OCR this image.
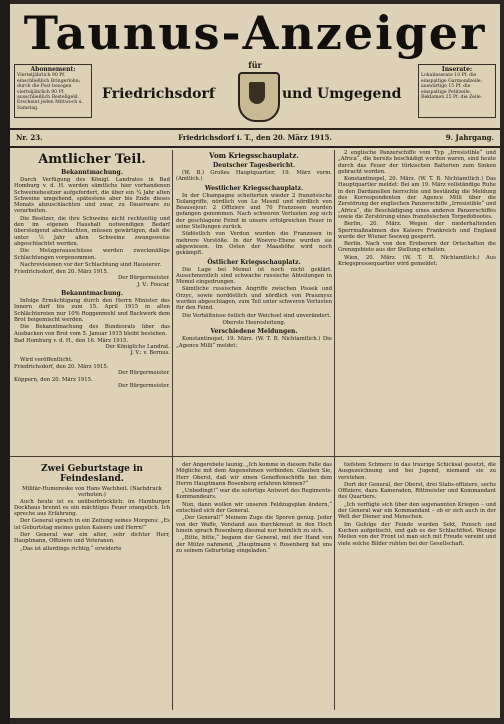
Taunus-Anzeiger
Abonnement:
Vierteljährlich 90 Pf. einschließlich Bringerlohn; durch die Post bezogen vierteljährlich 90 Pf. ausschließlich Bestellgeld. Erscheint jeden Mittwoch u. Samstag.
für
Friedrichsdorf	und Umgegend
Inserate:
Lokalinserate 10 Pf. die einspaltige Garmondzeile; auswärtige 15 Pf. die einspaltige Petitzeile. Reklamen 25 Pf. die Zeile.
Nr. 23.	Friedrichsdorf i. T., den 20. März 1915.	9. Jahrgang.
Amtlicher Teil.
Bekanntmachung.

Durch Verfügung des Königl. Landrates in Bad Homburg v. d. H. werden sämtliche hier vorhandenen Schweinebesitzer aufgefordert, die über ein ¼ Jahr alten Schweine umgehend, spätestens aber bis Ende dieses Monats abzuschlachten und zwar, zu Dauerware zu verarbeiten.

Die Besitzer, die ihre Schweine nicht rechtzeitig und den im eigenen Haushalt notwendigen Bedarf übersteigend abschlachten, müssen gewärtigen, daß die unter ½ Jahr alten Schweine zwangsweise abgeschlachtet werden.

Die Metzgerausschüsse werden zweckmäßige Schlachtungen vorgenommen.

Nachrevisionen vor der Schlachtung sind Hausierer.

Friedrichsdorf, den 20. März 1915.
Der Bürgermeister.
J. V.: Foucar.
Bekanntmachung.

Infolge Ermächtigung durch den Herrn Minister des Innern darf bis zum 15. April 1915 in allen Schlächtereien nur 10% Roggenmehl und Backwerk dem Brot beigemischt werden.

Die Bekanntmachung des Bundesrats über das Ausbacken von Brot vom 5. Januar 1915 bleibt bestehen.

Bad Homburg v. d. H., den 16. März 1915.
Der Königliche Landrat.
J. V.: v. Bernus.

Wird veröffentlicht.

Friedrichsdorf, den 20. März 1915.
Der Bürgermeister.
Köppern, den 20. März 1915.
Der Bürgermeister.
Vom Kriegsschauplatz.
Deutscher Tagesbericht.

(W. B.) Großes Hauptquartier, 19. März vorm. (Amtlich.)

Westlicher Kriegsschauplatz.

In der Champagne scheiterten wieder 2 französische Teilangriffe, nördlich von Le Mesnil und nördlich von Beauséjour. 2 Offiziere und 70 Franzosen wurden gefangen genommen. Nach schweren Verlusten zog sich der geschlagene Feind in unsere erfolgreichen Feuer in seine Stellungen zurück.

Südöstlich von Verdun wurden die Franzosen in mehrere Vorstöße. In der Woevre-Ebene wurden sie abgewiesen. Im Osten der Maashöhe wird noch gekämpft.

Östlicher Kriegsschauplatz.

Die Lage bei Memel ist noch nicht geklärt. Ausschmerzlich sind schwache russische Abteilungen in Memel eingedrungen.

Sämtliche russischen Angriffe zwischen Pissek und Orzyc, sowie nordöstlich und nördlich von Prasznysz wurden abgeschlagen, zum Teil unter schweren Verlusten für den Feind.

Die Verhältnisse östlich der Weichsel sind unverändert.

Oberste Heeresleitung.
Verschiedene Meldungen.

Konstantinopel, 19. März. (W. T. B. Nichtamtlich.) Die „Agence Milli“ meldet:

2 englische Panzerschiffe vom Typ „Irresistible“ und „Africa“, die bereits beschädigt worden waren, sind heute durch das Feuer der türkischen Batterien zum Sinken gebracht worden.

Konstantinopel, 20. März. (W. T. B. Nichtamtlich.) Das Hauptquartier meldet: Bei am 19. März vollständige Ruhe in den Dardanellen herrschte und beständig die Meldung des Korrespondenten der Agence Milli über die Zerstörung der englischen Panzerschiffe „Irresistible“ und „Africa“, die Beschädigung eines anderen Panzerschiffes sowie die Zerstörung eines französischen Torpedobootes.

Berlin, 20. März. Wegen der niederhaltenden Sperrmaßnahmen des Kaisers Frankreich und England wurde der Wiener Seeweg gesperrt.

Berlin. Nach von den Eroberern der Ortschaften die Grenzgebiete aus der Stellung erhalten.

Wien, 20. März. (W. T. B. Nichtamtlich.) Aus Kriegspressequartier wird gemeldet:

Zwei Geburtstage in Feindesland.
Militär-Humoreske von Hans Wachheit. (Nachdruck verboten.)

Auch heute ist es unüberbrücklich: im Hamburger Dockhaus brennt es ein mächtiges Feuer orangelich. Ich spreche aus Erfahrung.

Der General sprach in ein Zeitung seines Morgens: „Es ist Geburtstag meines guten Kaisers und Herrn!“

Der General war ein alter, sehr dichter Herr, Hauptmann, Offiziere und Veteranen.

„Das ist allerdings richtig,“ erwiderte

der Angerebete launig. „Ich komme in diesem Falle das Mögliche mit dem Angenehmen verbinden. Glauben Sie, Herr Oberst, daß wir einen Geneffenschöffe bei dem Herrn Hauptmann Rosenberg erfahren können?“

„Unbedingt!“ war die sofortige Antwort des Regiments-Kommandeurs.

Nun, dann wollen wir unseren Feldzugsplan ändern,“ entschied sich der General.

„Der General!“ Meinem Zuge die Sporen genug. Jeder von der Waffe, Vorstand aus durchkreuzt in den Hoch hinein sprach Rosenberg diesmal nur heimlich zu sich.

„Bitte, bitte,“ begann der General, mit der Hand von der Mütze nahmend, „Hauptmann v. Rosenberg hat uns zu seinem Geburtstag eingeladen.“

tiefstem Schmerz in das traurige Schicksal gesetzt, die Ausgezeichnung und bei Jugend, niemand sie zu verstehen.

Dort der General, der Oberst, drei Stabs-offiziere, sechs Offiziere, dazu Kameraden, Rittmeister und Kommandant des Quartiers.

„Ich verfügte sich über den sogenannten Kriegen – und der General war ein Kommandant – ob er sich auch in der Welt der Diener und Menschen.

Im Gefolge der Feinde wurden Sekt, Punsch und Kuchen aufgetischt, und gab es der Schlachtfest. Wenige Meilen von der Front ist man sich mit Freude vereint und viele solche Bilder ruhten bei der Gesellschaft.
